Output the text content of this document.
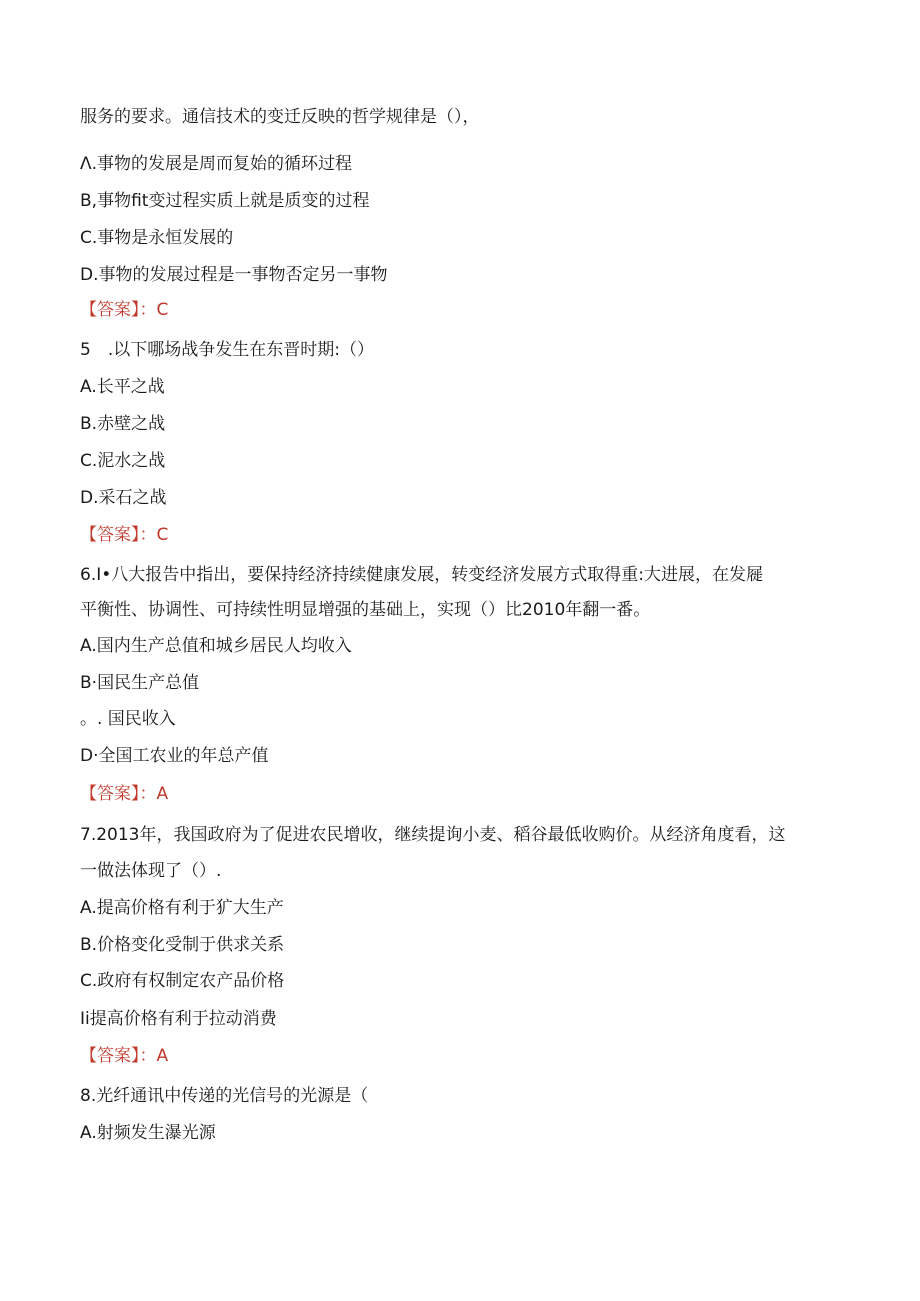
服务的要求。通信技术的变迁反映的哲学规律是（），
Λ.事物的发展是周而复始的循环过程
B,事物fit变过程实质上就是质变的过程
C.事物是永恒发展的
D.事物的发展过程是一事物否定另一事物
【答案】：C
5　.以下哪场战争发生在东晋时期:（）
A.长平之战
B.赤壁之战
C.泥水之战
D.采石之战
【答案】：C
6.I•八大报告中指出，要保持经济持续健康发展，转变经济发展方式取得重:大进展，在发屣
平衡性、协调性、可持续性明显增强的基础上，实现（）比2010年翻一番。
A.国内生产总值和城乡居民人均收入
B·国民生产总值
。. 国民收入
D·全国工农业的年总产值
【答案】：A
7.2013年，我国政府为了促进农民增收，继续提询小麦、稻谷最低收购价。从经济角度看，这
一做法体现了（）.
A.提高价格有利于犷大生产
B.价格变化受制于供求关系
C.政府有权制定农产品价格
Ii提高价格有利于拉动消费
【答案】：A
8.光纤通讯中传递的光信号的光源是（
A.射频发生瀑光源
